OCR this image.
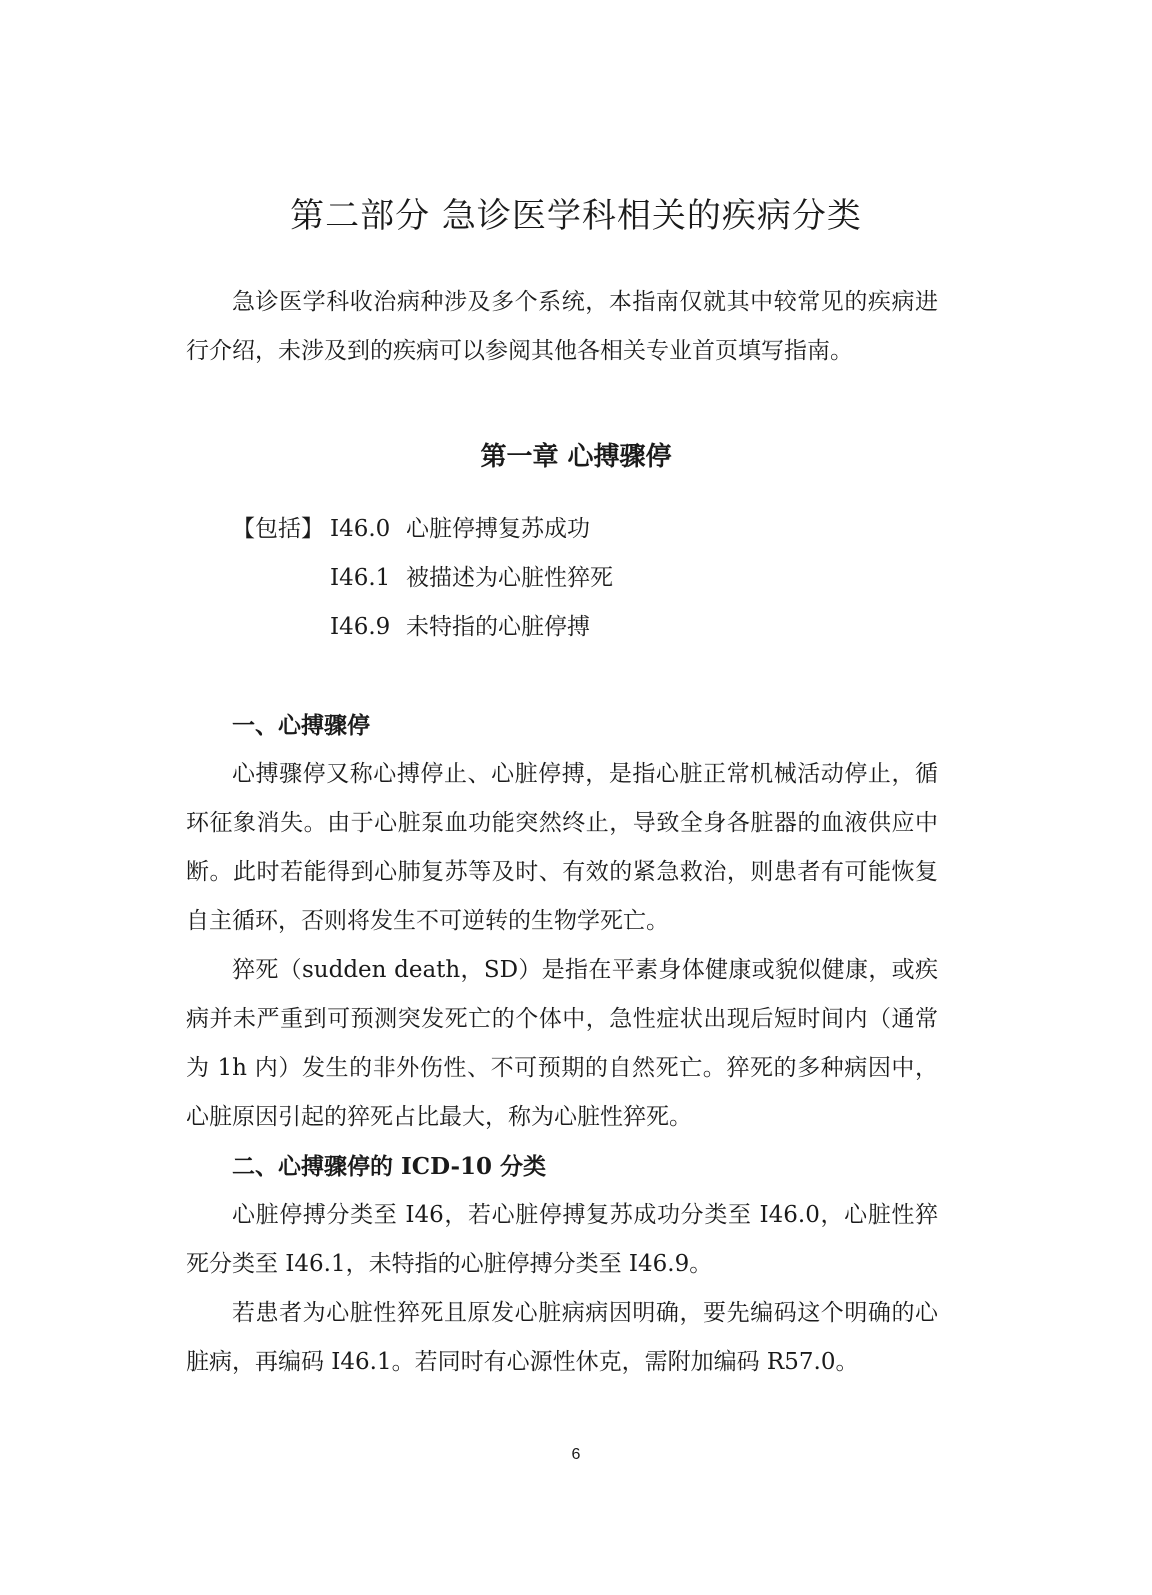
第二部分 急诊医学科相关的疾病分类

急诊医学科收治病种涉及多个系统，本指南仅就其中较常见的疾病进行介绍，未涉及到的疾病可以参阅其他各相关专业首页填写指南。

第一章 心搏骤停
【包括】 I46.0 心脏停搏复苏成功
I46.1 被描述为心脏性猝死
I46.9 未特指的心脏停搏
一、心搏骤停

心搏骤停又称心搏停止、心脏停搏，是指心脏正常机械活动停止，循环征象消失。由于心脏泵血功能突然终止，导致全身各脏器的血液供应中断。此时若能得到心肺复苏等及时、有效的紧急救治，则患者有可能恢复自主循环，否则将发生不可逆转的生物学死亡。

猝死（sudden death，SD）是指在平素身体健康或貌似健康，或疾病并未严重到可预测突发死亡的个体中，急性症状出现后短时间内（通常为 1h 内）发生的非外伤性、不可预期的自然死亡。猝死的多种病因中，心脏原因引起的猝死占比最大，称为心脏性猝死。

二、心搏骤停的 ICD-10 分类

心脏停搏分类至 I46，若心脏停搏复苏成功分类至 I46.0，心脏性猝死分类至 I46.1，未特指的心脏停搏分类至 I46.9。

若患者为心脏性猝死且原发心脏病病因明确，要先编码这个明确的心脏病，再编码 I46.1。若同时有心源性休克，需附加编码 R57.0。

6
